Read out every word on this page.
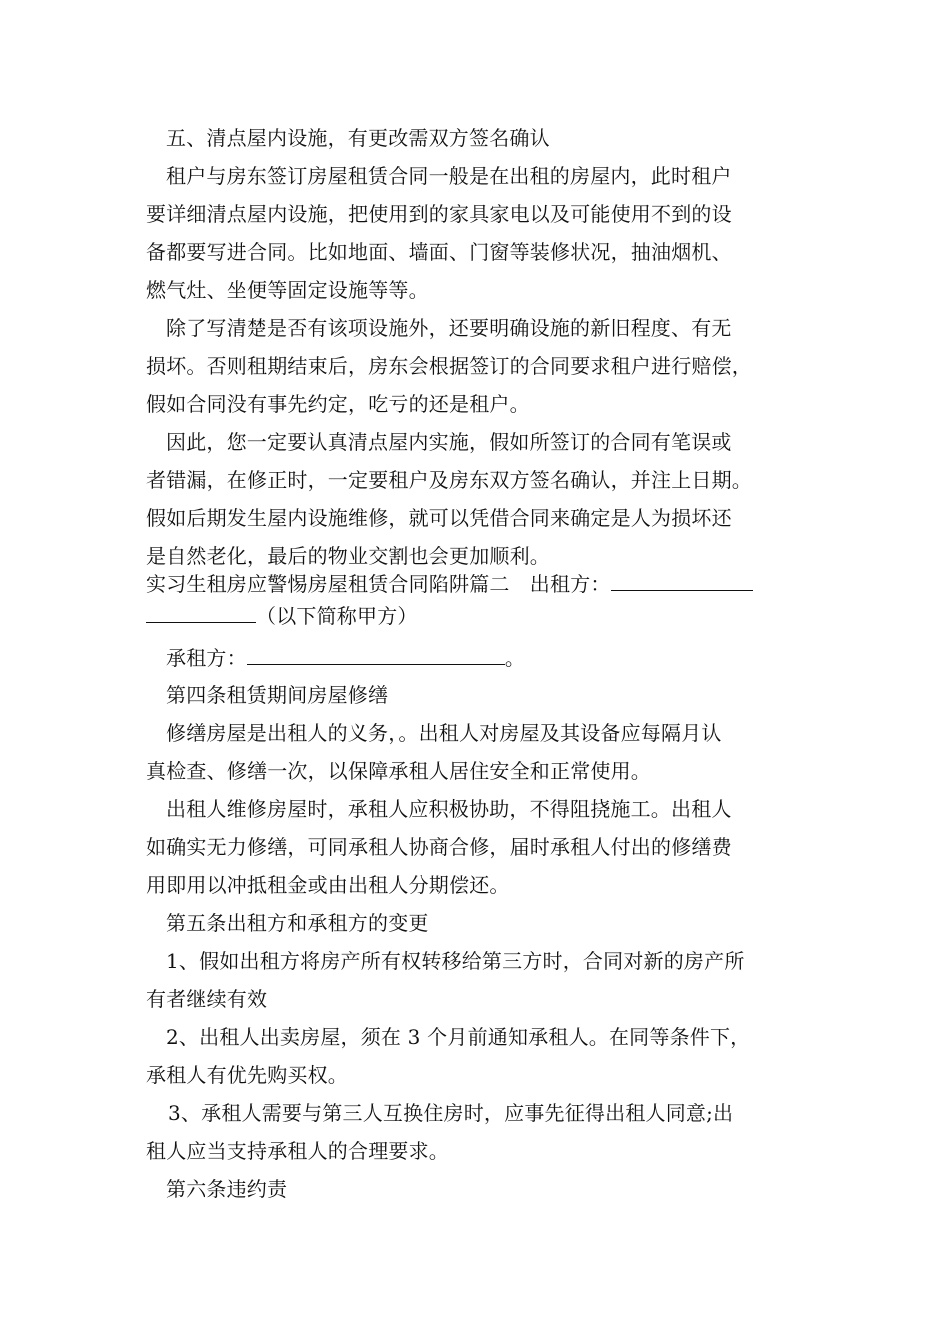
五、清点屋内设施，有更改需双方签名确认
租户与房东签订房屋租赁合同一般是在出租的房屋内，此时租户
要详细清点屋内设施，把使用到的家具家电以及可能使用不到的设
备都要写进合同。比如地面、墙面、门窗等装修状况，抽油烟机、
燃气灶、坐便等固定设施等等。
除了写清楚是否有该项设施外，还要明确设施的新旧程度、有无
损坏。否则租期结束后，房东会根据签订的合同要求租户进行赔偿，
假如合同没有事先约定，吃亏的还是租户。
因此，您一定要认真清点屋内实施，假如所签订的合同有笔误或
者错漏，在修正时，一定要租户及房东双方签名确认，并注上日期。
假如后期发生屋内设施维修，就可以凭借合同来确定是人为损坏还
是自然老化，最后的物业交割也会更加顺利。
实习生租房应警惕房屋租赁合同陷阱篇二　出租方：
（以下简称甲方）
承租方：	。
第四条租赁期间房屋修缮
修缮房屋是出租人的义务，。出租人对房屋及其设备应每隔月认
真检查、修缮一次，以保障承租人居住安全和正常使用。
出租人维修房屋时，承租人应积极协助，不得阻挠施工。出租人
如确实无力修缮，可同承租人协商合修，届时承租人付出的修缮费
用即用以冲抵租金或由出租人分期偿还。
第五条出租方和承租方的变更
1、假如出租方将房产所有权转移给第三方时，合同对新的房产所
有者继续有效
2、出租人出卖房屋，须在 3 个月前通知承租人。在同等条件下，
承租人有优先购买权。
3、承租人需要与第三人互换住房时，应事先征得出租人同意;出
租人应当支持承租人的合理要求。
第六条违约责
